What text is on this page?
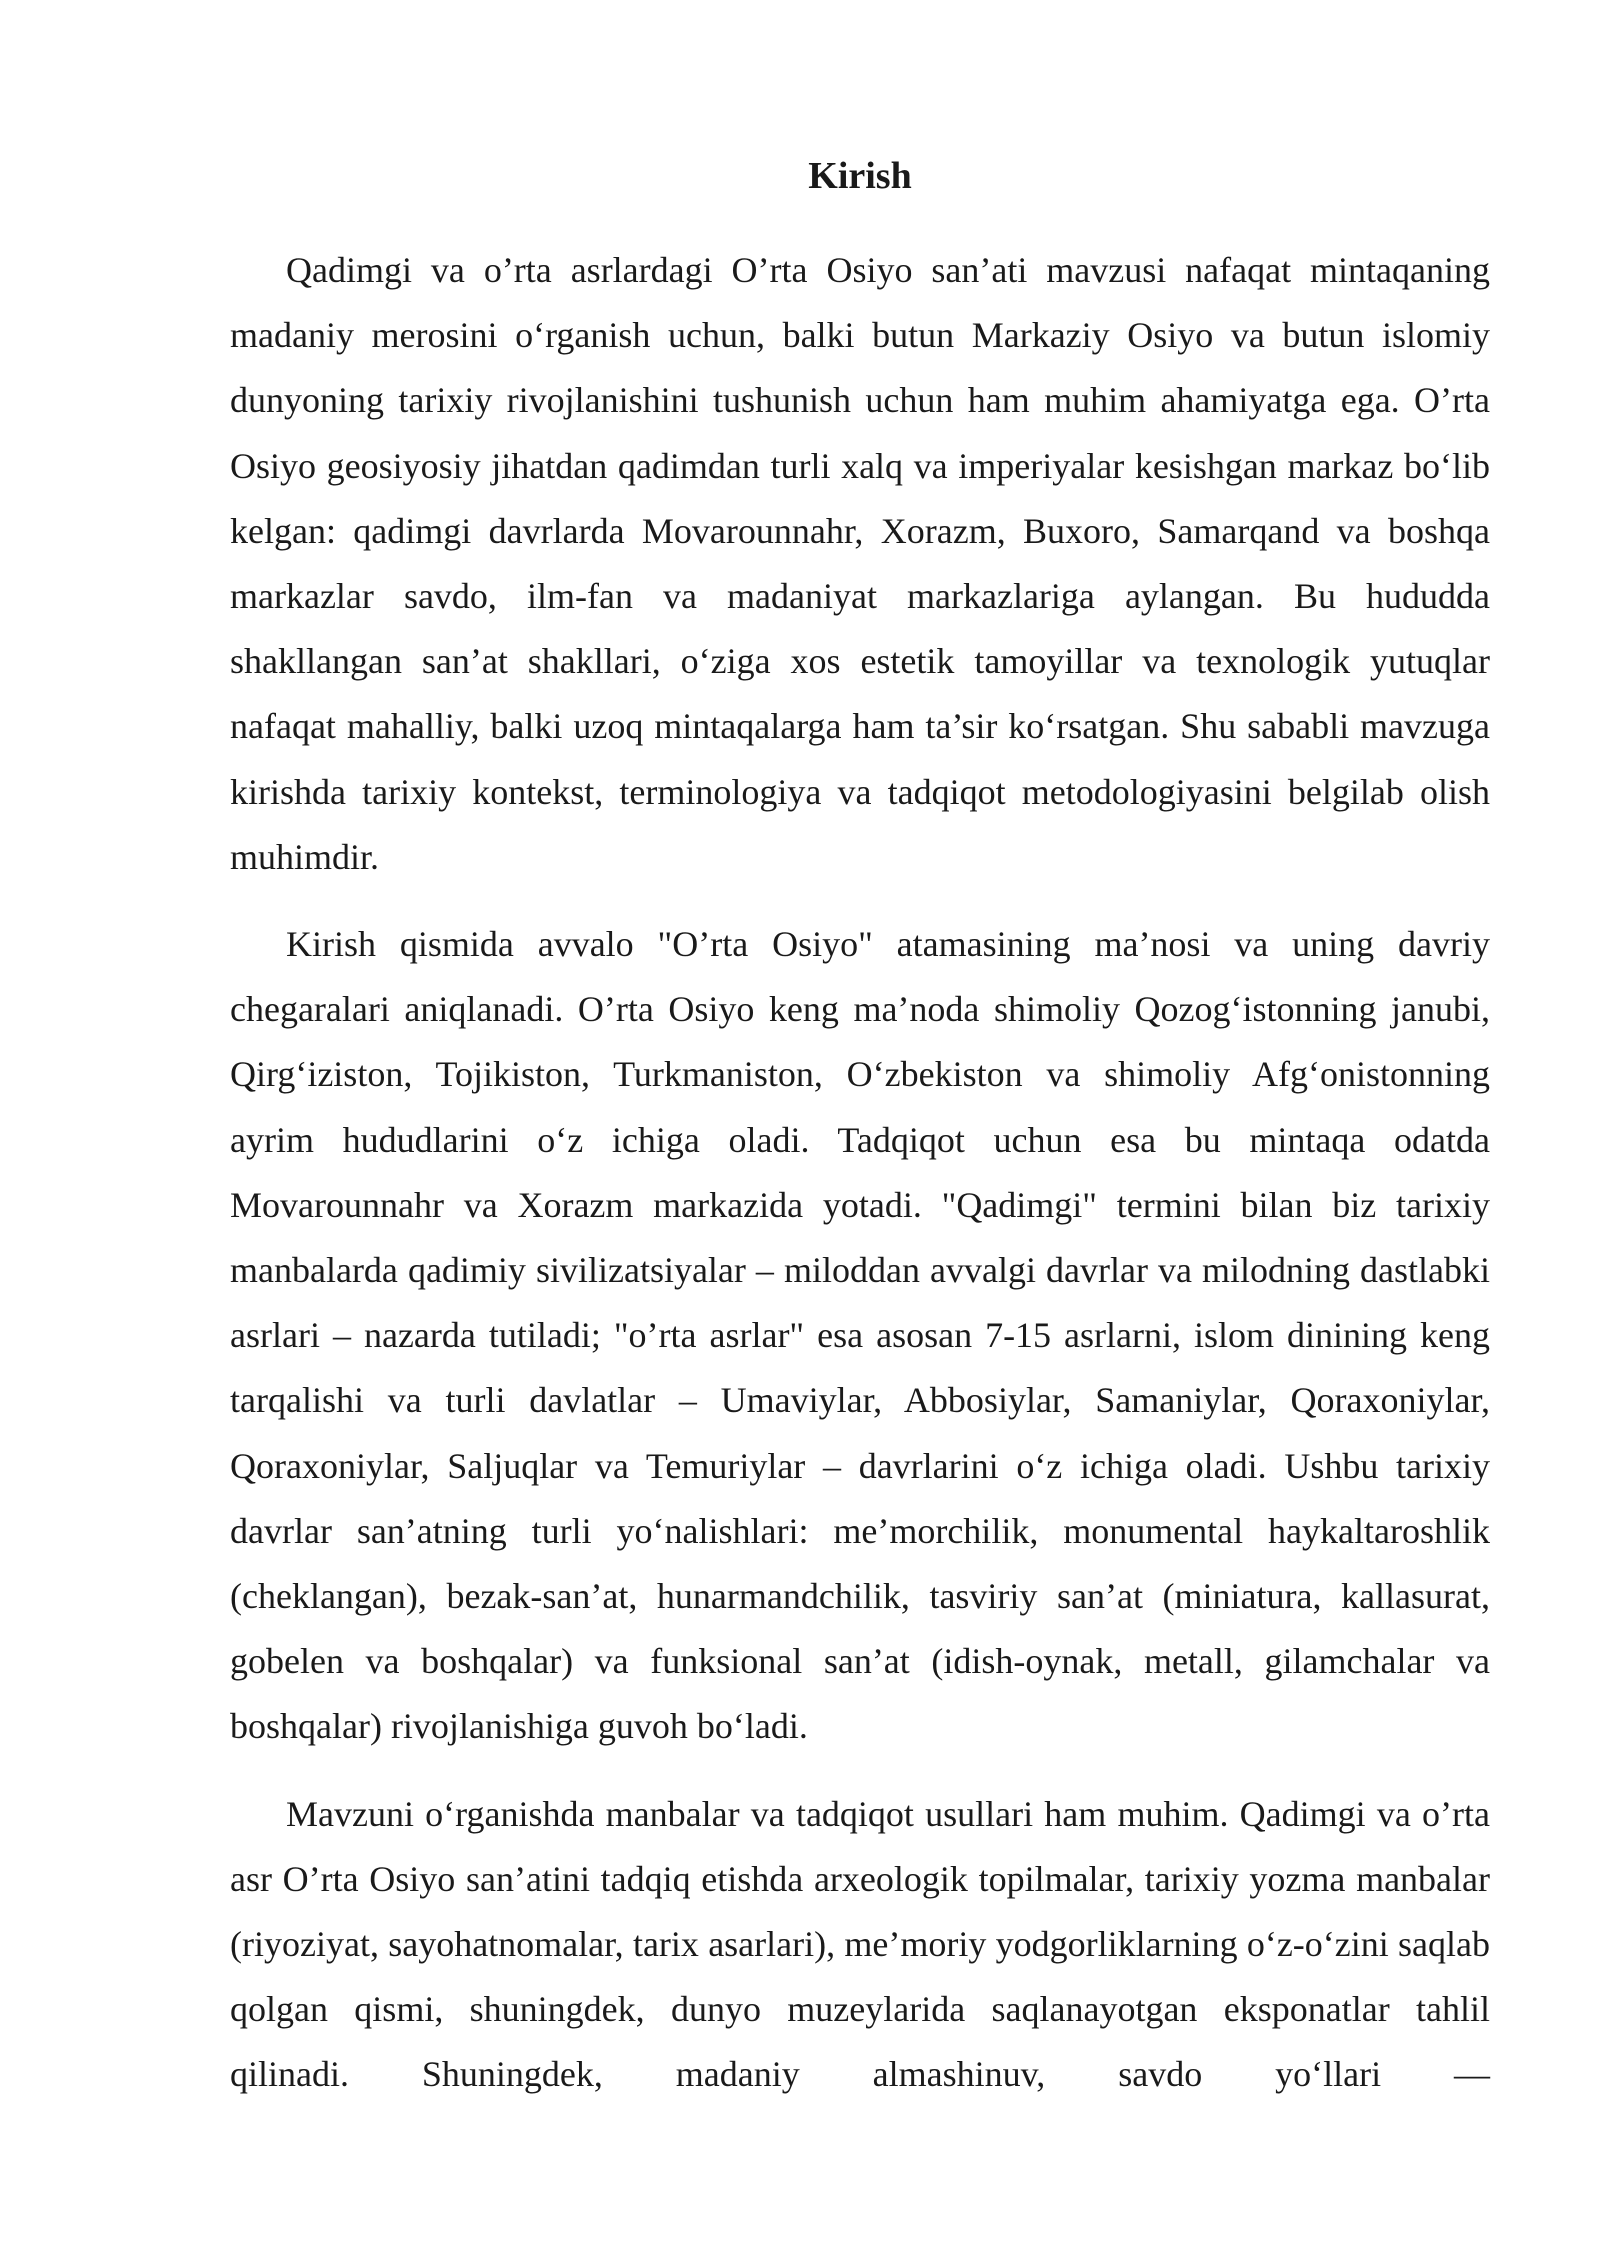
Kirish

Qadimgi va o’rta asrlardagi O’rta Osiyo san’ati mavzusi nafaqat mintaqaning madaniy merosini o‘rganish uchun, balki butun Markaziy Osiyo va butun islomiy dunyoning tarixiy rivojlanishini tushunish uchun ham muhim ahamiyatga ega. O’rta Osiyo geosiyosiy jihatdan qadimdan turli xalq va imperiyalar kesishgan markaz bo‘lib kelgan: qadimgi davrlarda Movarounnahr, Xorazm, Buxoro, Samarqand va boshqa markazlar savdo, ilm-fan va madaniyat markazlariga aylangan. Bu hududda shakllangan san’at shakllari, o‘ziga xos estetik tamoyillar va texnologik yutuqlar nafaqat mahalliy, balki uzoq mintaqalarga ham ta’sir ko‘rsatgan. Shu sababli mavzuga kirishda tarixiy kontekst, terminologiya va tadqiqot metodologiyasini belgilab olish muhimdir.

Kirish qismida avvalo "O’rta Osiyo" atamasining ma’nosi va uning davriy chegaralari aniqlanadi. O’rta Osiyo keng ma’noda shimoliy Qozog‘istonning janubi, Qirg‘iziston, Tojikiston, Turkmaniston, O‘zbekiston va shimoliy Afg‘onistonning ayrim hududlarini o‘z ichiga oladi. Tadqiqot uchun esa bu mintaqa odatda Movarounnahr va Xorazm markazida yotadi. "Qadimgi" termini bilan biz tarixiy manbalarda qadimiy sivilizatsiyalar – miloddan avvalgi davrlar va milodning dastlabki asrlari – nazarda tutiladi; "o’rta asrlar" esa asosan 7-15 asrlarni, islom dinining keng tarqalishi va turli davlatlar – Umaviylar, Abbosiylar, Samaniylar, Qoraxoniylar, Qoraxoniylar, Saljuqlar va Temuriylar – davrlarini o‘z ichiga oladi. Ushbu tarixiy davrlar san’atning turli yo‘nalishlari: me’morchilik, monumental haykaltaroshlik (cheklangan), bezak-san’at, hunarmandchilik, tasviriy san’at (miniatura, kallasurat, gobelen va boshqalar) va funksional san’at (idish-oynak, metall, gilamchalar va boshqalar) rivojlanishiga guvoh bo‘ladi.

Mavzuni o‘rganishda manbalar va tadqiqot usullari ham muhim. Qadimgi va o’rta asr O’rta Osiyo san’atini tadqiq etishda arxeologik topilmalar, tarixiy yozma manbalar (riyoziyat, sayohatnomalar, tarix asarlari), me’moriy yodgorliklarning o‘z-o‘zini saqlab qolgan qismi, shuningdek, dunyo muzeylarida saqlanayotgan eksponatlar tahlil qilinadi. Shuningdek, madaniy almashinuv, savdo yo‘llari —
